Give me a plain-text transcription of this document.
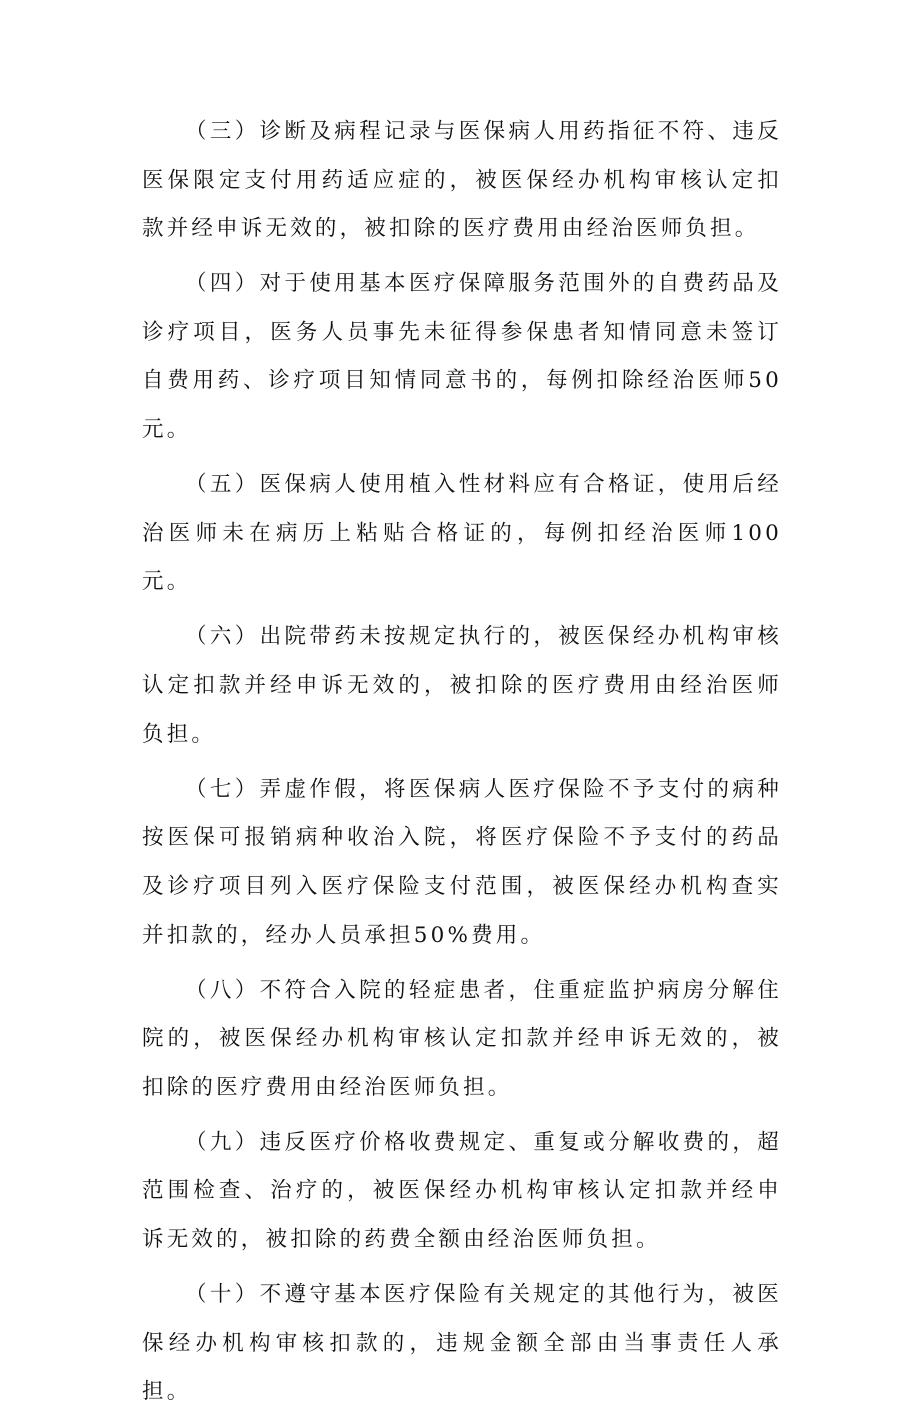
（三）诊断及病程记录与医保病人用药指征不符、违反医保限定支付用药适应症的，被医保经办机构审核认定扣款并经申诉无效的，被扣除的医疗费用由经治医师负担。

（四）对于使用基本医疗保障服务范围外的自费药品及诊疗项目，医务人员事先未征得参保患者知情同意未签订自费用药、诊疗项目知情同意书的，每例扣除经治医师50元。

（五）医保病人使用植入性材料应有合格证，使用后经治医师未在病历上粘贴合格证的，每例扣经治医师100元。

（六）出院带药未按规定执行的，被医保经办机构审核认定扣款并经申诉无效的，被扣除的医疗费用由经治医师负担。

（七）弄虚作假，将医保病人医疗保险不予支付的病种按医保可报销病种收治入院，将医疗保险不予支付的药品及诊疗项目列入医疗保险支付范围，被医保经办机构查实并扣款的，经办人员承担50%费用。

（八）不符合入院的轻症患者，住重症监护病房分解住院的，被医保经办机构审核认定扣款并经申诉无效的，被扣除的医疗费用由经治医师负担。

（九）违反医疗价格收费规定、重复或分解收费的，超范围检查、治疗的，被医保经办机构审核认定扣款并经申诉无效的，被扣除的药费全额由经治医师负担。

（十）不遵守基本医疗保险有关规定的其他行为，被医保经办机构审核扣款的，违规金额全部由当事责任人承担。
